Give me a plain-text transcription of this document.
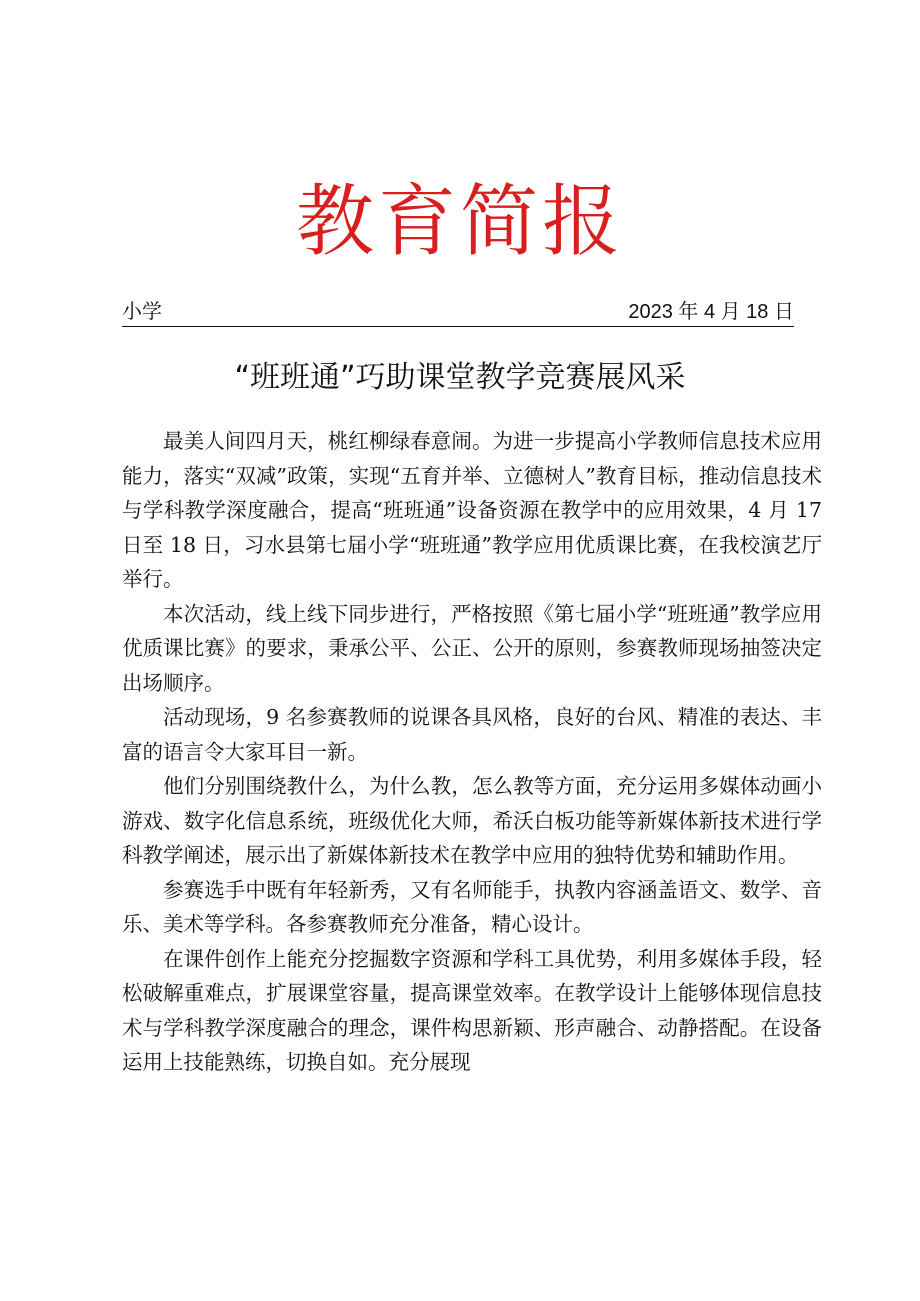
教育简报
小学	2023 年 4 月 18 日
“班班通”巧助课堂教学竞赛展风采

最美人间四月天，桃红柳绿春意闹。为进一步提高小学教师信息技术应用能力，落实“双减”政策，实现“五育并举、立德树人”教育目标，推动信息技术与学科教学深度融合，提高“班班通”设备资源在教学中的应用效果，4 月 17 日至 18 日，习水县第七届小学“班班通”教学应用优质课比赛，在我校演艺厅举行。

本次活动，线上线下同步进行，严格按照《第七届小学“班班通”教学应用优质课比赛》的要求，秉承公平、公正、公开的原则，参赛教师现场抽签决定出场顺序。

活动现场，9 名参赛教师的说课各具风格，良好的台风、精准的表达、丰富的语言令大家耳目一新。

他们分别围绕教什么，为什么教，怎么教等方面，充分运用多媒体动画小游戏、数字化信息系统，班级优化大师，希沃白板功能等新媒体新技术进行学科教学阐述，展示出了新媒体新技术在教学中应用的独特优势和辅助作用。

参赛选手中既有年轻新秀，又有名师能手，执教内容涵盖语文、数学、音乐、美术等学科。各参赛教师充分准备，精心设计。

在课件创作上能充分挖掘数字资源和学科工具优势，利用多媒体手段，轻松破解重难点，扩展课堂容量，提高课堂效率。在教学设计上能够体现信息技术与学科教学深度融合的理念，课件构思新颖、形声融合、动静搭配。在设备运用上技能熟练，切换自如。充分展现
